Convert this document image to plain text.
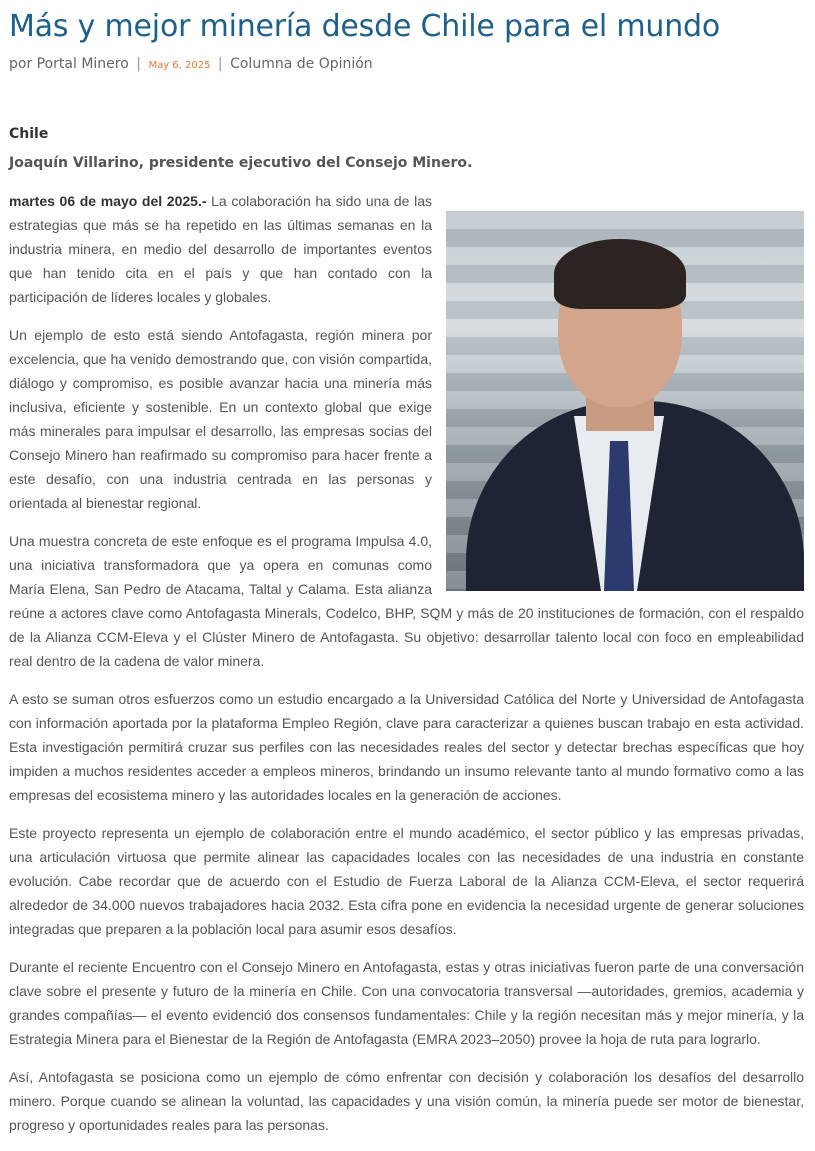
Más y mejor minería desde Chile para el mundo
por Portal Minero | May 6, 2025 | Columna de Opinión

Chile

Joaquín Villarino, presidente ejecutivo del Consejo Minero.

martes 06 de mayo del 2025.- La colaboración ha sido una de las estrategias que más se ha repetido en las últimas semanas en la industria minera, en medio del desarrollo de importantes eventos que han tenido cita en el país y que han contado con la participación de líderes locales y globales.

Un ejemplo de esto está siendo Antofagasta, región minera por excelencia, que ha venido demostrando que, con visión compartida, diálogo y compromiso, es posible avanzar hacia una minería más inclusiva, eficiente y sostenible. En un contexto global que exige más minerales para impulsar el desarrollo, las empresas socias del Consejo Minero han reafirmado su compromiso para hacer frente a este desafío, con una industria centrada en las personas y orientada al bienestar regional.

Una muestra concreta de este enfoque es el programa Impulsa 4.0, una iniciativa transformadora que ya opera en comunas como María Elena, San Pedro de Atacama, Taltal y Calama. Esta alianza reúne a actores clave como Antofagasta Minerals, Codelco, BHP, SQM y más de 20 instituciones de formación, con el respaldo de la Alianza CCM-Eleva y el Clúster Minero de Antofagasta. Su objetivo: desarrollar talento local con foco en empleabilidad real dentro de la cadena de valor minera.

A esto se suman otros esfuerzos como un estudio encargado a la Universidad Católica del Norte y Universidad de Antofagasta con información aportada por la plataforma Empleo Región, clave para caracterizar a quienes buscan trabajo en esta actividad. Esta investigación permitirá cruzar sus perfiles con las necesidades reales del sector y detectar brechas específicas que hoy impiden a muchos residentes acceder a empleos mineros, brindando un insumo relevante tanto al mundo formativo como a las empresas del ecosistema minero y las autoridades locales en la generación de acciones.

Este proyecto representa un ejemplo de colaboración entre el mundo académico, el sector público y las empresas privadas, una articulación virtuosa que permite alinear las capacidades locales con las necesidades de una industria en constante evolución. Cabe recordar que de acuerdo con el Estudio de Fuerza Laboral de la Alianza CCM-Eleva, el sector requerirá alrededor de 34.000 nuevos trabajadores hacia 2032. Esta cifra pone en evidencia la necesidad urgente de generar soluciones integradas que preparen a la población local para asumir esos desafíos.

Durante el reciente Encuentro con el Consejo Minero en Antofagasta, estas y otras iniciativas fueron parte de una conversación clave sobre el presente y futuro de la minería en Chile. Con una convocatoria transversal —autoridades, gremios, academia y grandes compañías— el evento evidenció dos consensos fundamentales: Chile y la región necesitan más y mejor minería, y la Estrategia Minera para el Bienestar de la Región de Antofagasta (EMRA 2023–2050) provee la hoja de ruta para lograrlo.

Así, Antofagasta se posiciona como un ejemplo de cómo enfrentar con decisión y colaboración los desafíos del desarrollo minero. Porque cuando se alinean la voluntad, las capacidades y una visión común, la minería puede ser motor de bienestar, progreso y oportunidades reales para las personas.
